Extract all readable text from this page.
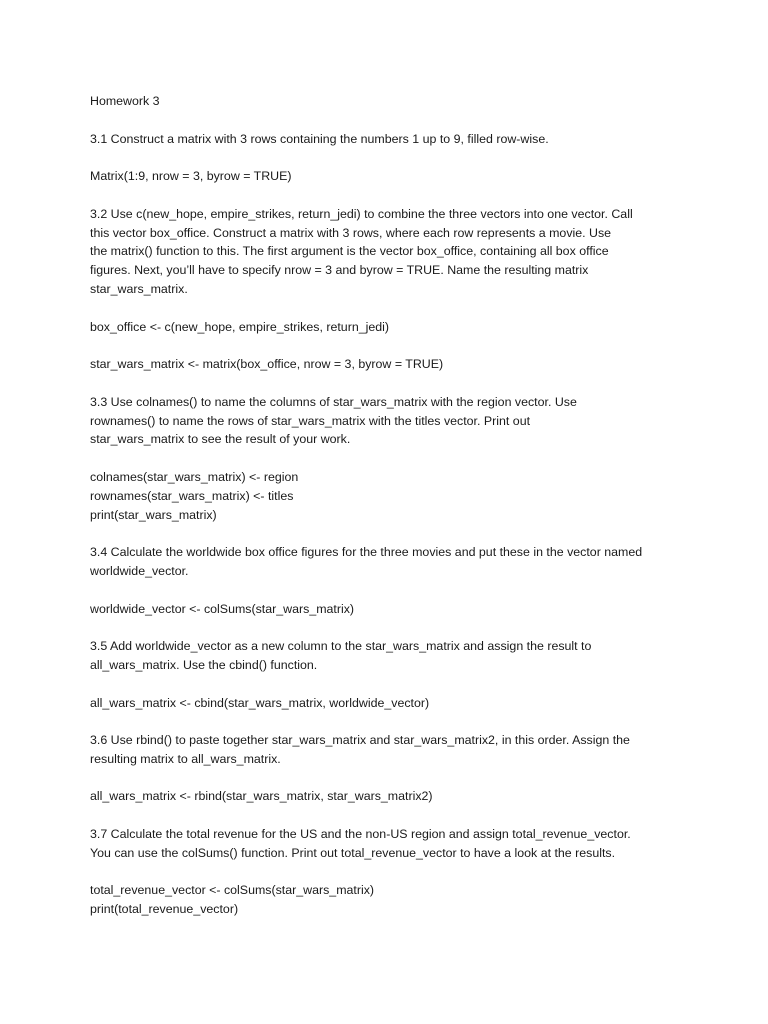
Homework 3

3.1 Construct a matrix with 3 rows containing the numbers 1 up to 9, filled row-wise.

Matrix(1:9, nrow = 3, byrow = TRUE)

3.2 Use c(new_hope, empire_strikes, return_jedi) to combine the three vectors into one vector. Call
this vector box_office. Construct a matrix with 3 rows, where each row represents a movie. Use
the matrix() function to this. The first argument is the vector box_office, containing all box office
figures. Next, you’ll have to specify nrow = 3 and byrow = TRUE. Name the resulting matrix
star_wars_matrix.

box_office <- c(new_hope, empire_strikes, return_jedi)

star_wars_matrix <- matrix(box_office, nrow = 3, byrow = TRUE)

3.3 Use colnames() to name the columns of star_wars_matrix with the region vector. Use
rownames() to name the rows of star_wars_matrix with the titles vector. Print out
star_wars_matrix to see the result of your work.

colnames(star_wars_matrix) <- region
rownames(star_wars_matrix) <- titles
print(star_wars_matrix)

3.4 Calculate the worldwide box office figures for the three movies and put these in the vector named
worldwide_vector.

worldwide_vector <- colSums(star_wars_matrix)

3.5 Add worldwide_vector as a new column to the star_wars_matrix and assign the result to
all_wars_matrix. Use the cbind() function.

all_wars_matrix <- cbind(star_wars_matrix, worldwide_vector)

3.6 Use rbind() to paste together star_wars_matrix and star_wars_matrix2, in this order. Assign the
resulting matrix to all_wars_matrix.

all_wars_matrix <- rbind(star_wars_matrix, star_wars_matrix2)

3.7 Calculate the total revenue for the US and the non-US region and assign total_revenue_vector.
You can use the colSums() function. Print out total_revenue_vector to have a look at the results.

total_revenue_vector <- colSums(star_wars_matrix)
print(total_revenue_vector)
